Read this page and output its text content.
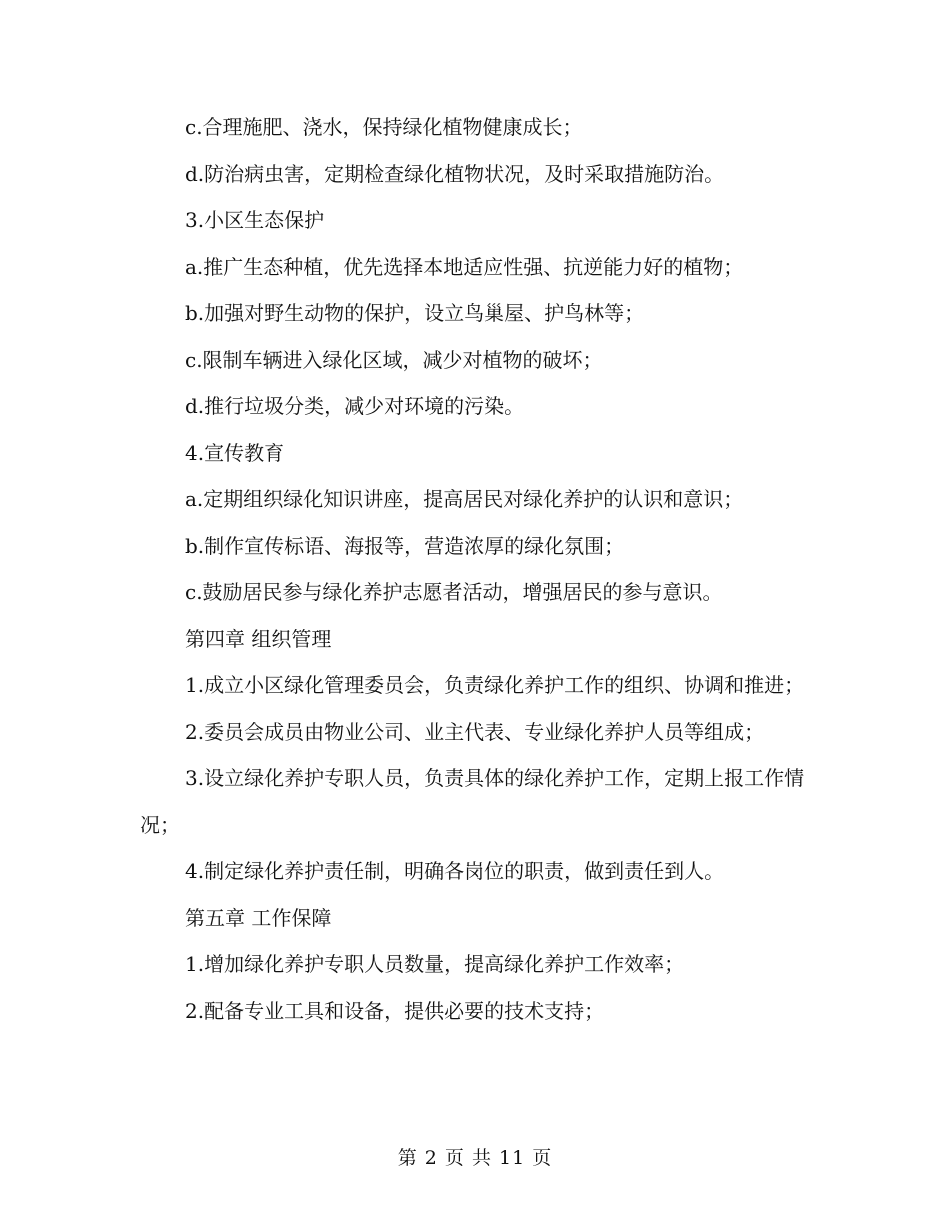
c.合理施肥、浇水，保持绿化植物健康成长；

d.防治病虫害，定期检查绿化植物状况，及时采取措施防治。

3.小区生态保护

a.推广生态种植，优先选择本地适应性强、抗逆能力好的植物；

b.加强对野生动物的保护，设立鸟巢屋、护鸟林等；

c.限制车辆进入绿化区域，减少对植物的破坏；

d.推行垃圾分类，减少对环境的污染。

4.宣传教育

a.定期组织绿化知识讲座，提高居民对绿化养护的认识和意识；

b.制作宣传标语、海报等，营造浓厚的绿化氛围；

c.鼓励居民参与绿化养护志愿者活动，增强居民的参与意识。

第四章 组织管理

1.成立小区绿化管理委员会，负责绿化养护工作的组织、协调和推进；

2.委员会成员由物业公司、业主代表、专业绿化养护人员等组成；

3.设立绿化养护专职人员，负责具体的绿化养护工作，定期上报工作情况；

4.制定绿化养护责任制，明确各岗位的职责，做到责任到人。

第五章 工作保障

1.增加绿化养护专职人员数量，提高绿化养护工作效率；

2.配备专业工具和设备，提供必要的技术支持；

第 2 页 共 11 页
